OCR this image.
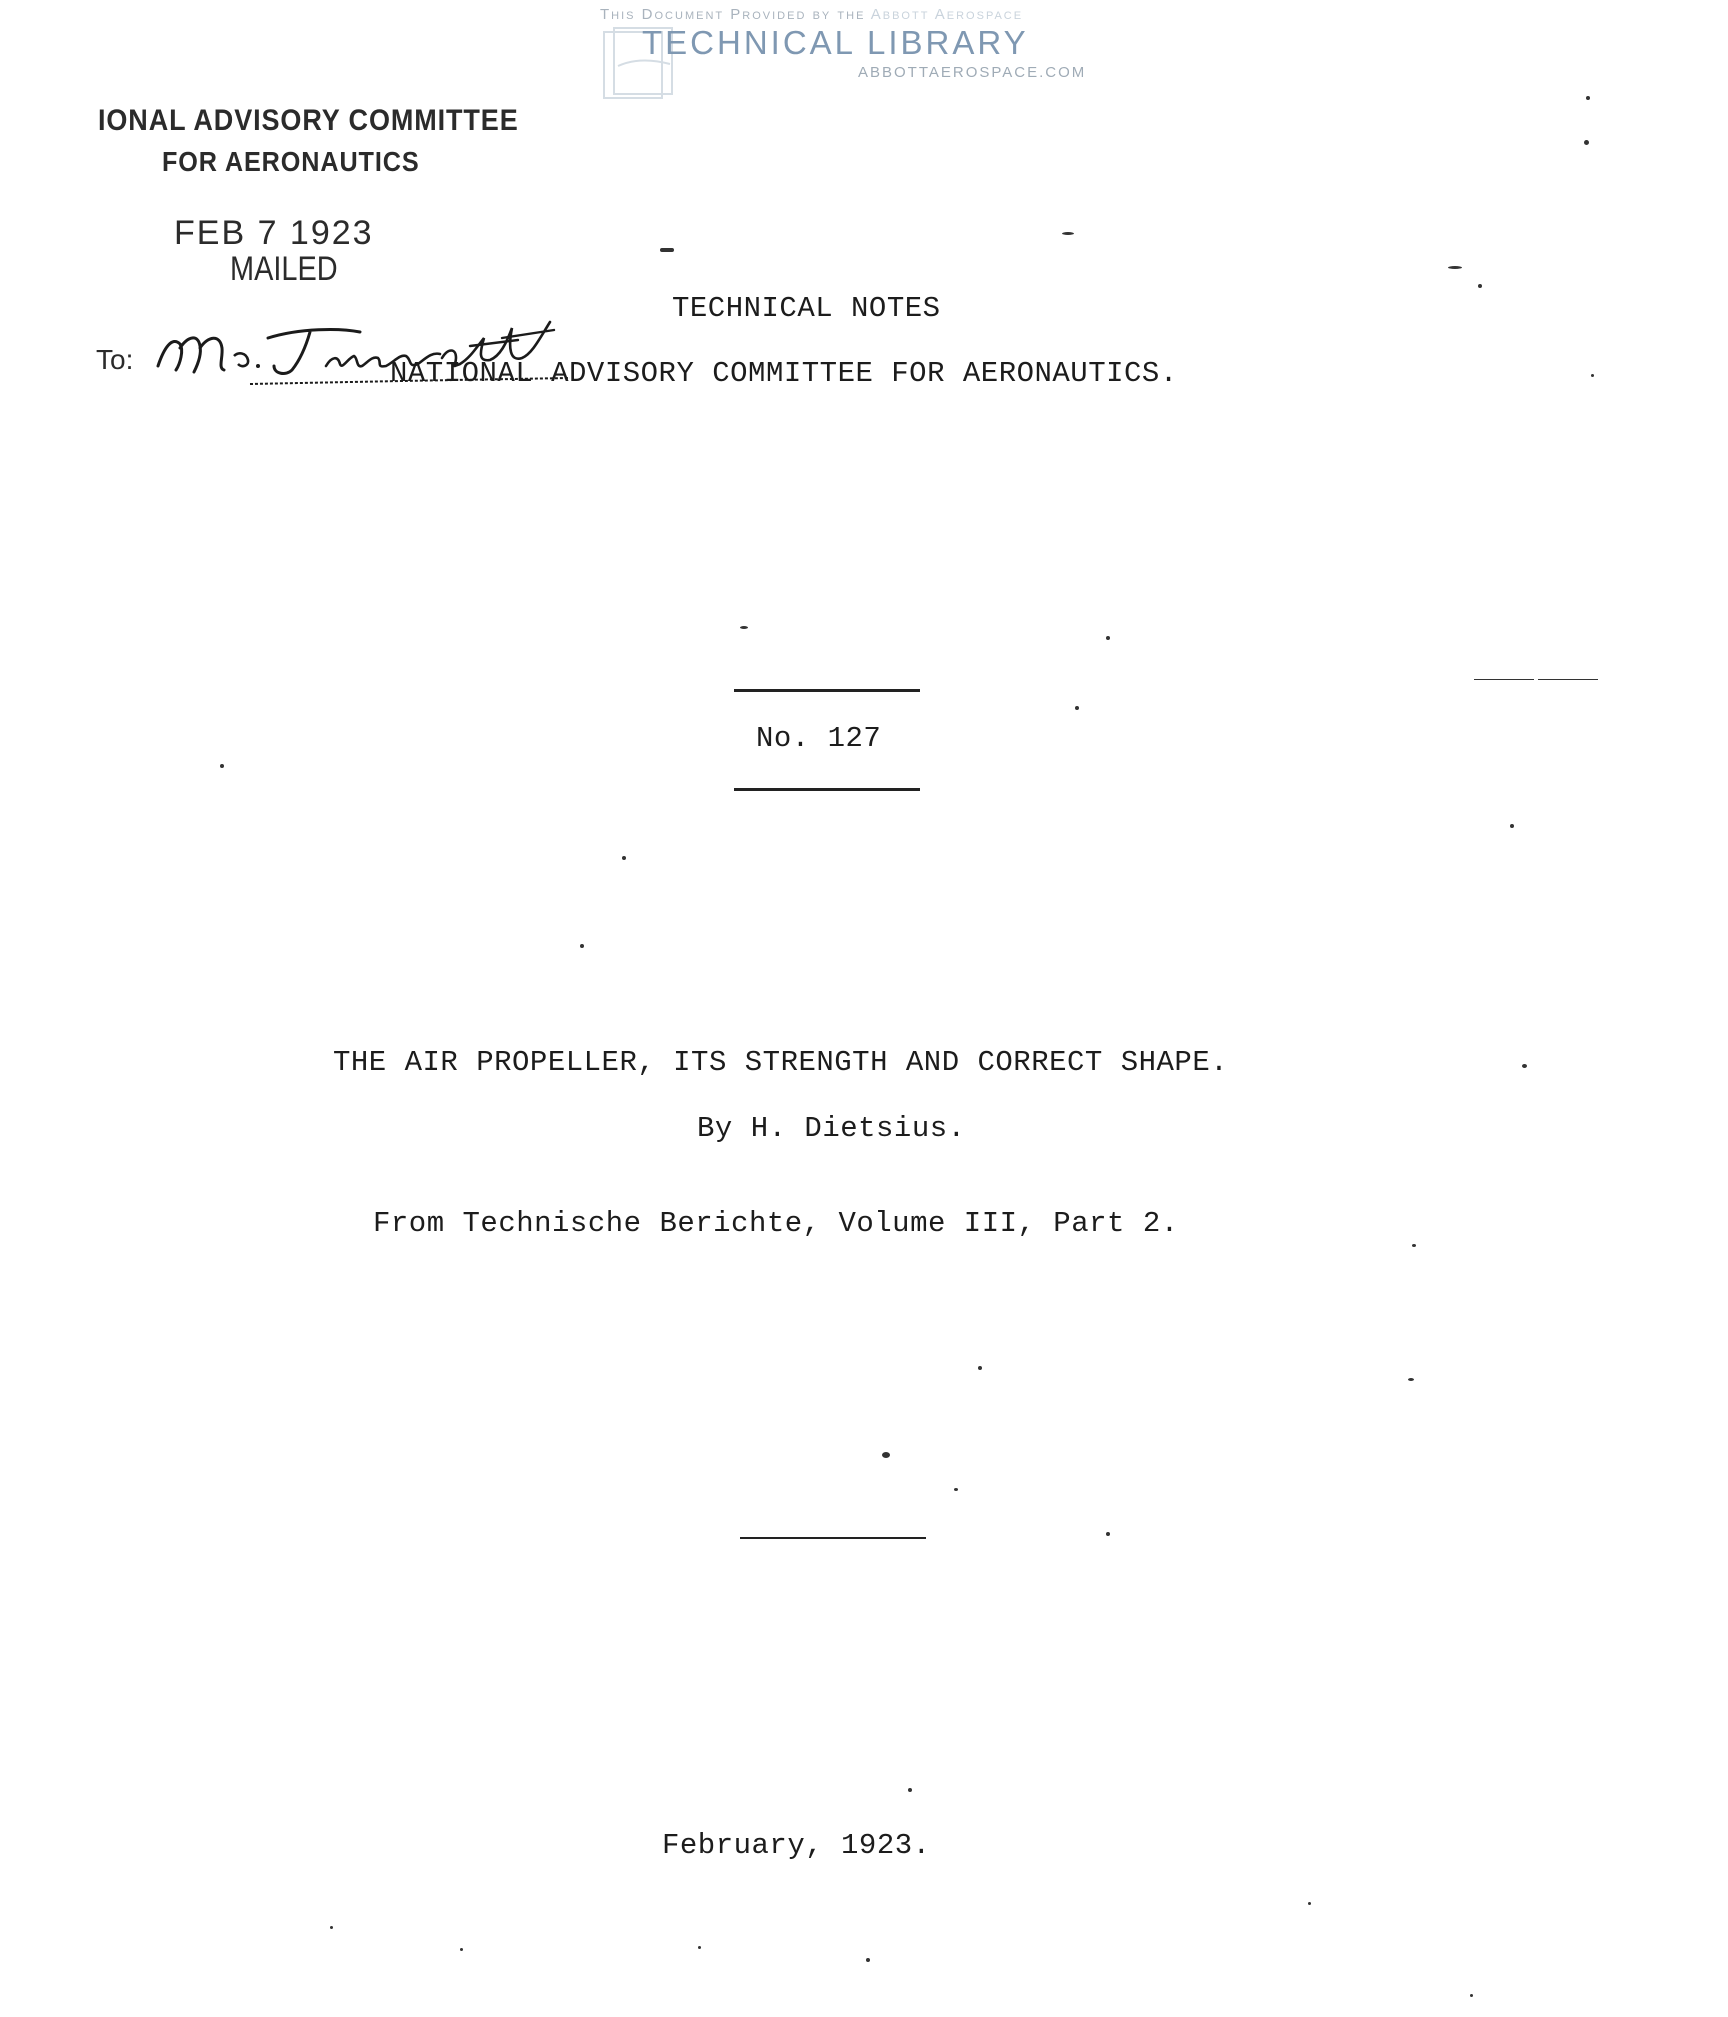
This Document Provided by the Abbott Aerospace
TECHNICAL LIBRARY
ABBOTTAEROSPACE.COM
IONAL ADVISORY COMMITTEE
FOR AERONAUTICS
FEB 7 1923
MAILED
To:
TECHNICAL NOTES
NATIONAL ADVISORY COMMITTEE FOR AERONAUTICS.
No. 127
THE AIR PROPELLER, ITS STRENGTH AND CORRECT SHAPE.
By H. Dietsius.
From Technische Berichte, Volume III, Part 2.
February, 1923.
